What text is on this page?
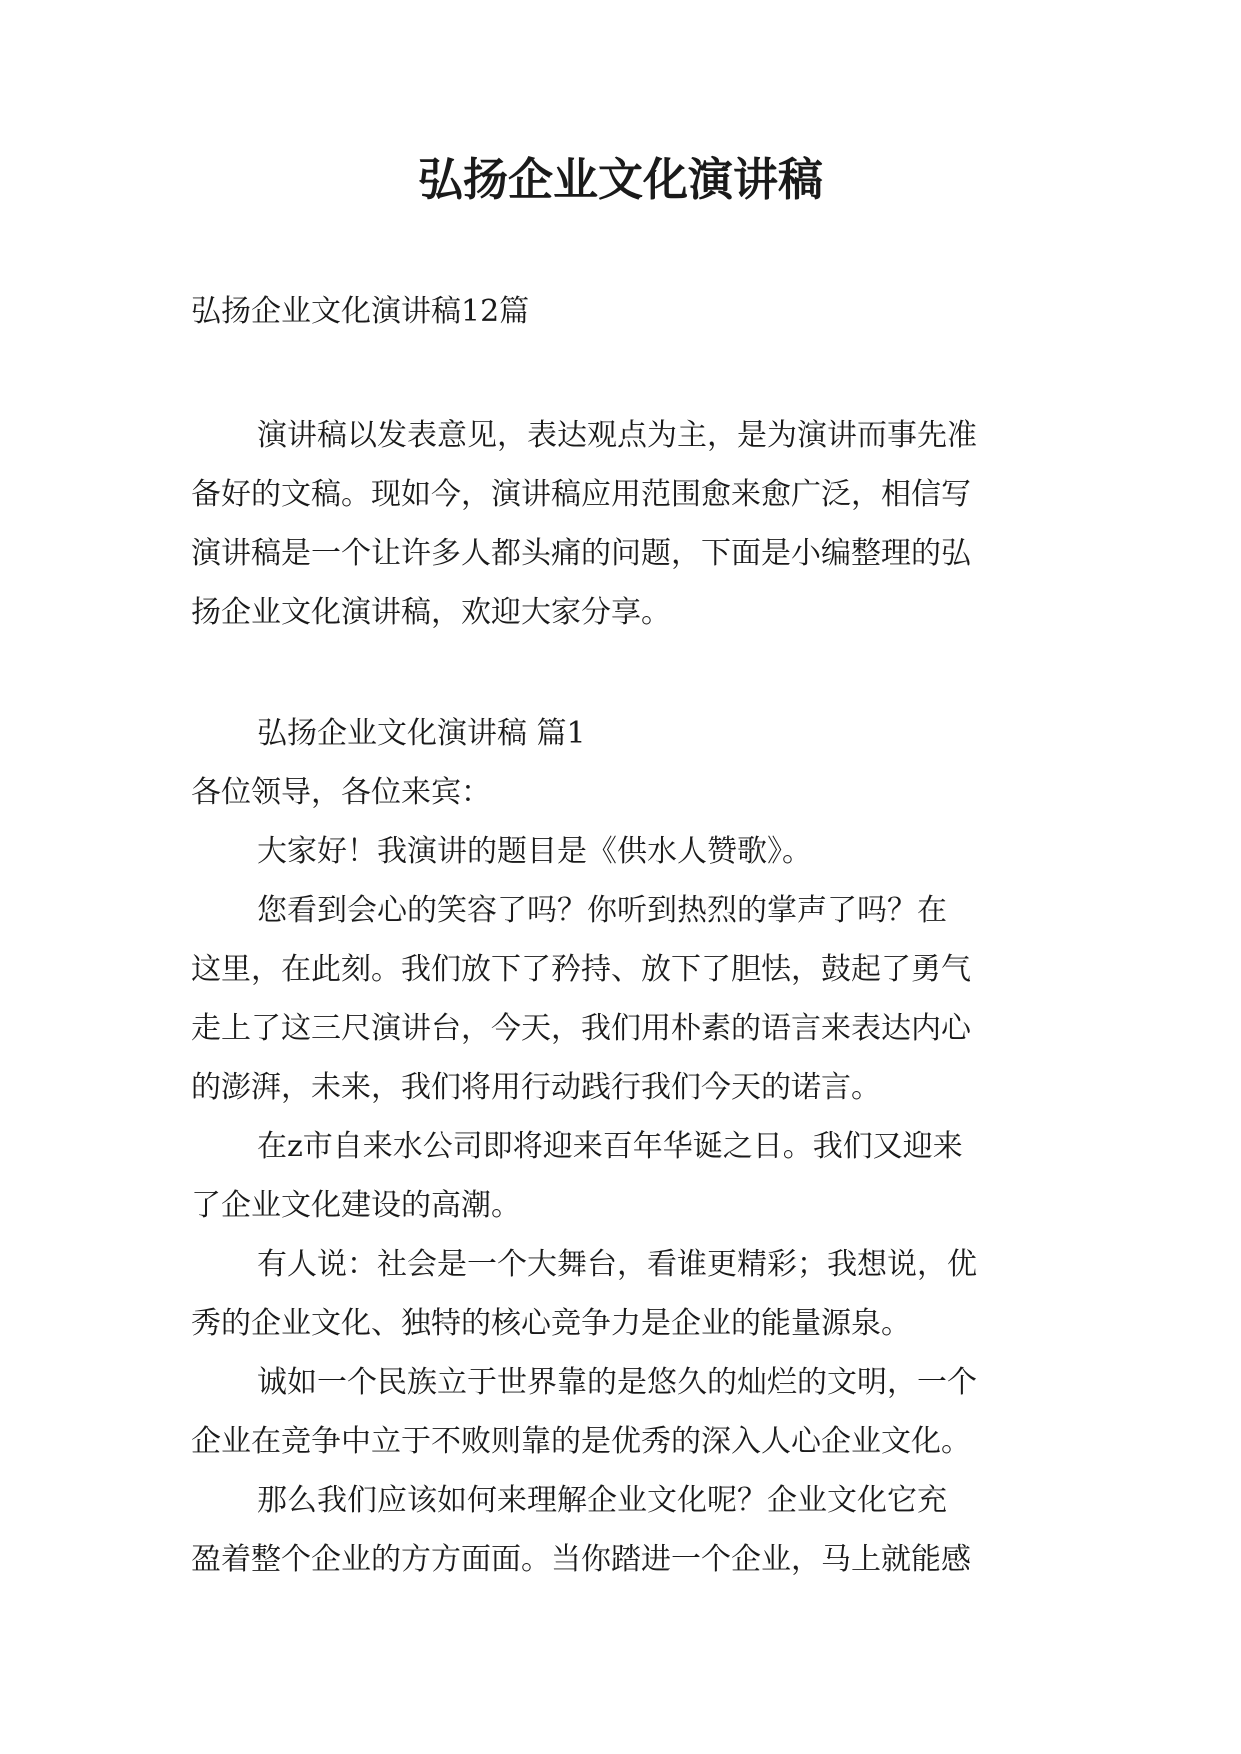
弘扬企业文化演讲稿

弘扬企业文化演讲稿12篇

演讲稿以发表意见，表达观点为主，是为演讲而事先准

备好的文稿。现如今，演讲稿应用范围愈来愈广泛，相信写

演讲稿是一个让许多人都头痛的问题，下面是小编整理的弘

扬企业文化演讲稿，欢迎大家分享。

弘扬企业文化演讲稿 篇1

各位领导，各位来宾：

大家好！我演讲的题目是《供水人赞歌》。

您看到会心的笑容了吗？你听到热烈的掌声了吗？在

这里，在此刻。我们放下了矜持、放下了胆怯，鼓起了勇气

走上了这三尺演讲台，今天，我们用朴素的语言来表达内心

的澎湃，未来，我们将用行动践行我们今天的诺言。

在z市自来水公司即将迎来百年华诞之日。我们又迎来

了企业文化建设的高潮。

有人说：社会是一个大舞台，看谁更精彩；我想说，优

秀的企业文化、独特的核心竞争力是企业的能量源泉。

诚如一个民族立于世界靠的是悠久的灿烂的文明，一个

企业在竞争中立于不败则靠的是优秀的深入人心企业文化。

那么我们应该如何来理解企业文化呢？企业文化它充

盈着整个企业的方方面面。当你踏进一个企业，马上就能感
